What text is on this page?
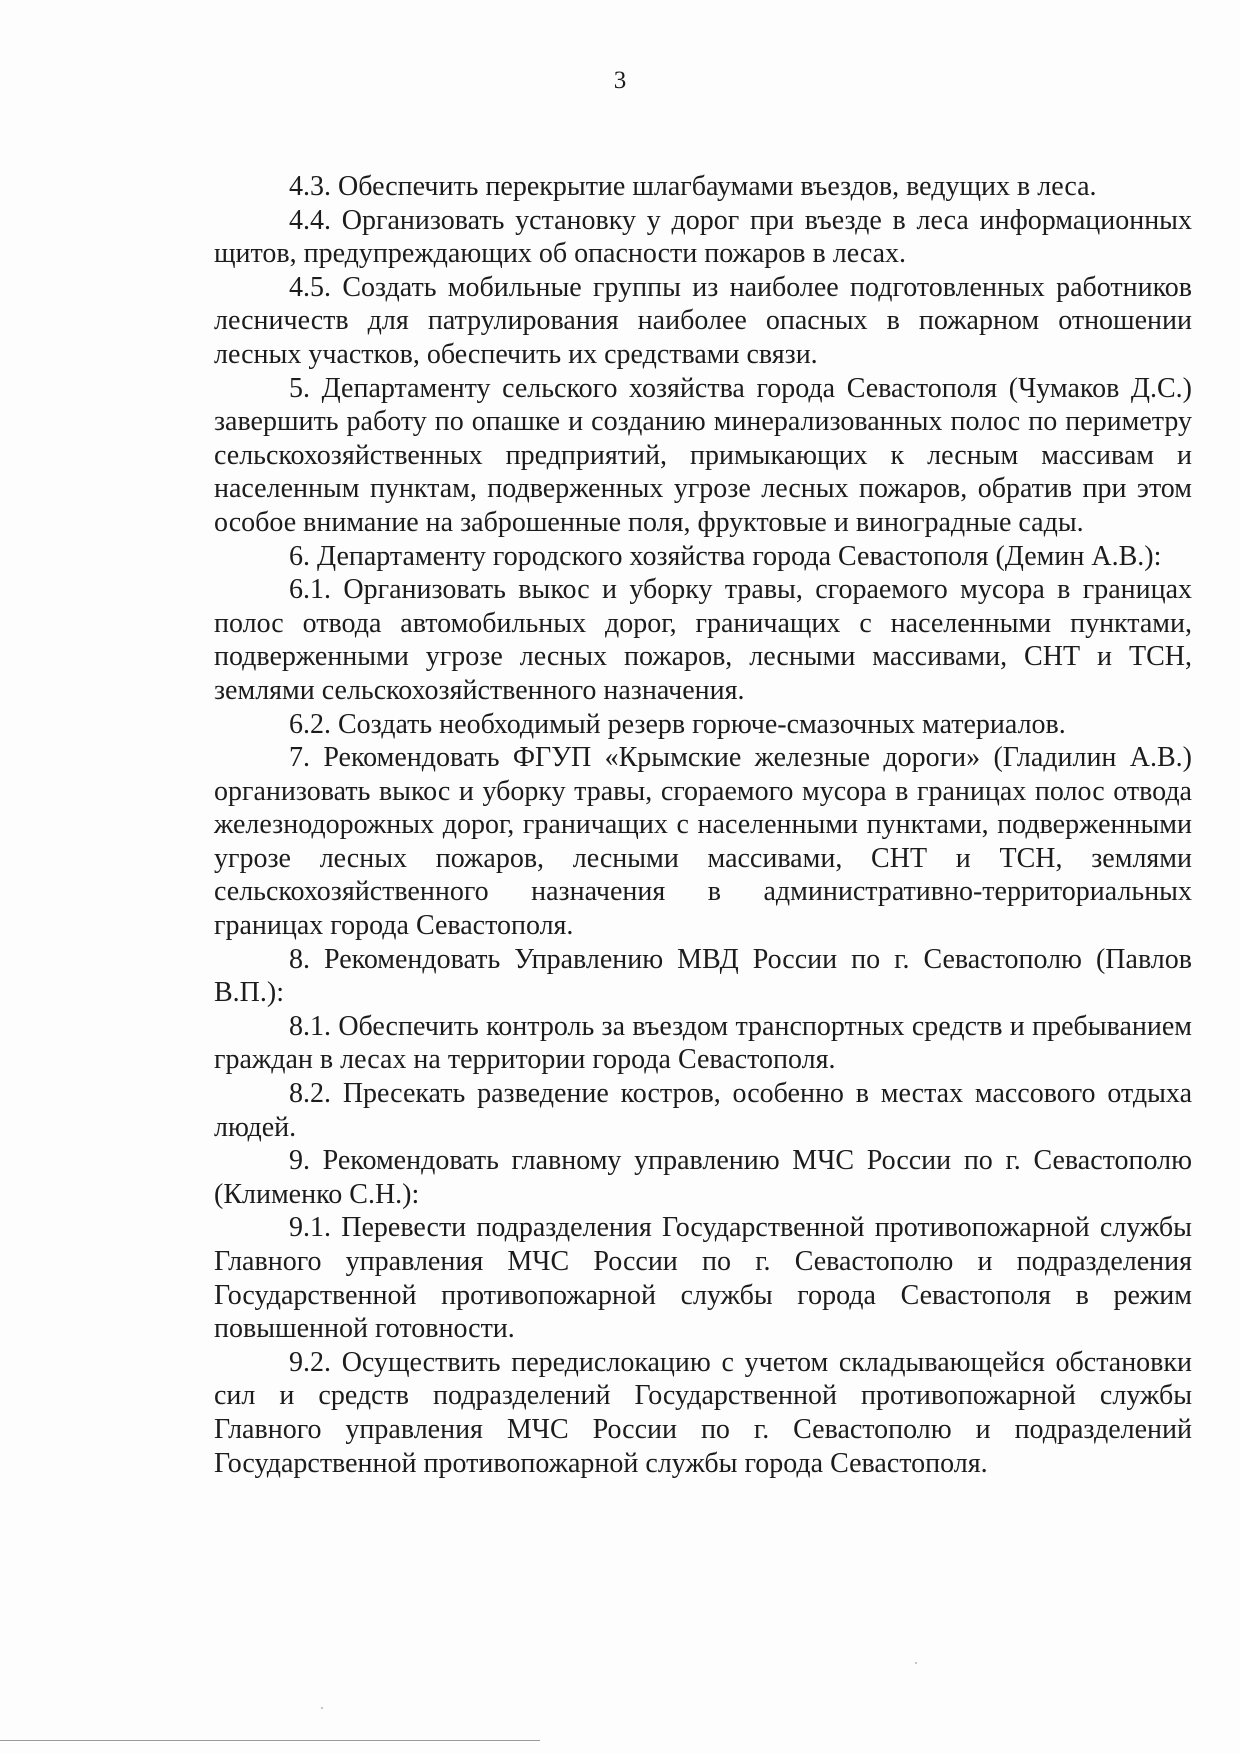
3

4.3. Обеспечить перекрытие шлагбаумами въездов, ведущих в леса.

4.4. Организовать установку у дорог при въезде в леса информационных щитов, предупреждающих об опасности пожаров в лесах.

4.5. Создать мобильные группы из наиболее подготовленных работников лесничеств для патрулирования наиболее опасных в пожарном отношении лесных участков, обеспечить их средствами связи.

5. Департаменту сельского хозяйства города Севастополя (Чумаков Д.С.) завершить работу по опашке и созданию минерализованных полос по периметру сельскохозяйственных предприятий, примыкающих к лесным массивам и населенным пунктам, подверженных угрозе лесных пожаров, обратив при этом особое внимание на заброшенные поля, фруктовые и виноградные сады.

6. Департаменту городского хозяйства города Севастополя (Демин А.В.):

6.1. Организовать выкос и уборку травы, сгораемого мусора в границах полос отвода автомобильных дорог, граничащих с населенными пунктами, подверженными угрозе лесных пожаров, лесными массивами, СНТ и ТСН, землями сельскохозяйственного назначения.

6.2. Создать необходимый резерв горюче-смазочных материалов.

7. Рекомендовать ФГУП «Крымские железные дороги» (Гладилин А.В.) организовать выкос и уборку травы, сгораемого мусора в границах полос отвода железнодорожных дорог, граничащих с населенными пунктами, подверженными угрозе лесных пожаров, лесными массивами, СНТ и ТСН, землями сельскохозяйственного назначения в административно-территориальных границах города Севастополя.

8. Рекомендовать Управлению МВД России по г. Севастополю (Павлов В.П.):

8.1. Обеспечить контроль за въездом транспортных средств и пребыванием граждан в лесах на территории города Севастополя.

8.2. Пресекать разведение костров, особенно в местах массового отдыха людей.

9. Рекомендовать главному управлению МЧС России по г. Севастополю (Клименко С.Н.):

9.1. Перевести подразделения Государственной противопожарной службы Главного управления МЧС России по г. Севастополю и подразделения Государственной противопожарной службы города Севастополя в режим повышенной готовности.

9.2. Осуществить передислокацию с учетом складывающейся обстановки сил и средств подразделений Государственной противопожарной службы Главного управления МЧС России по г. Севастополю и подразделений Государственной противопожарной службы города Севастополя.
